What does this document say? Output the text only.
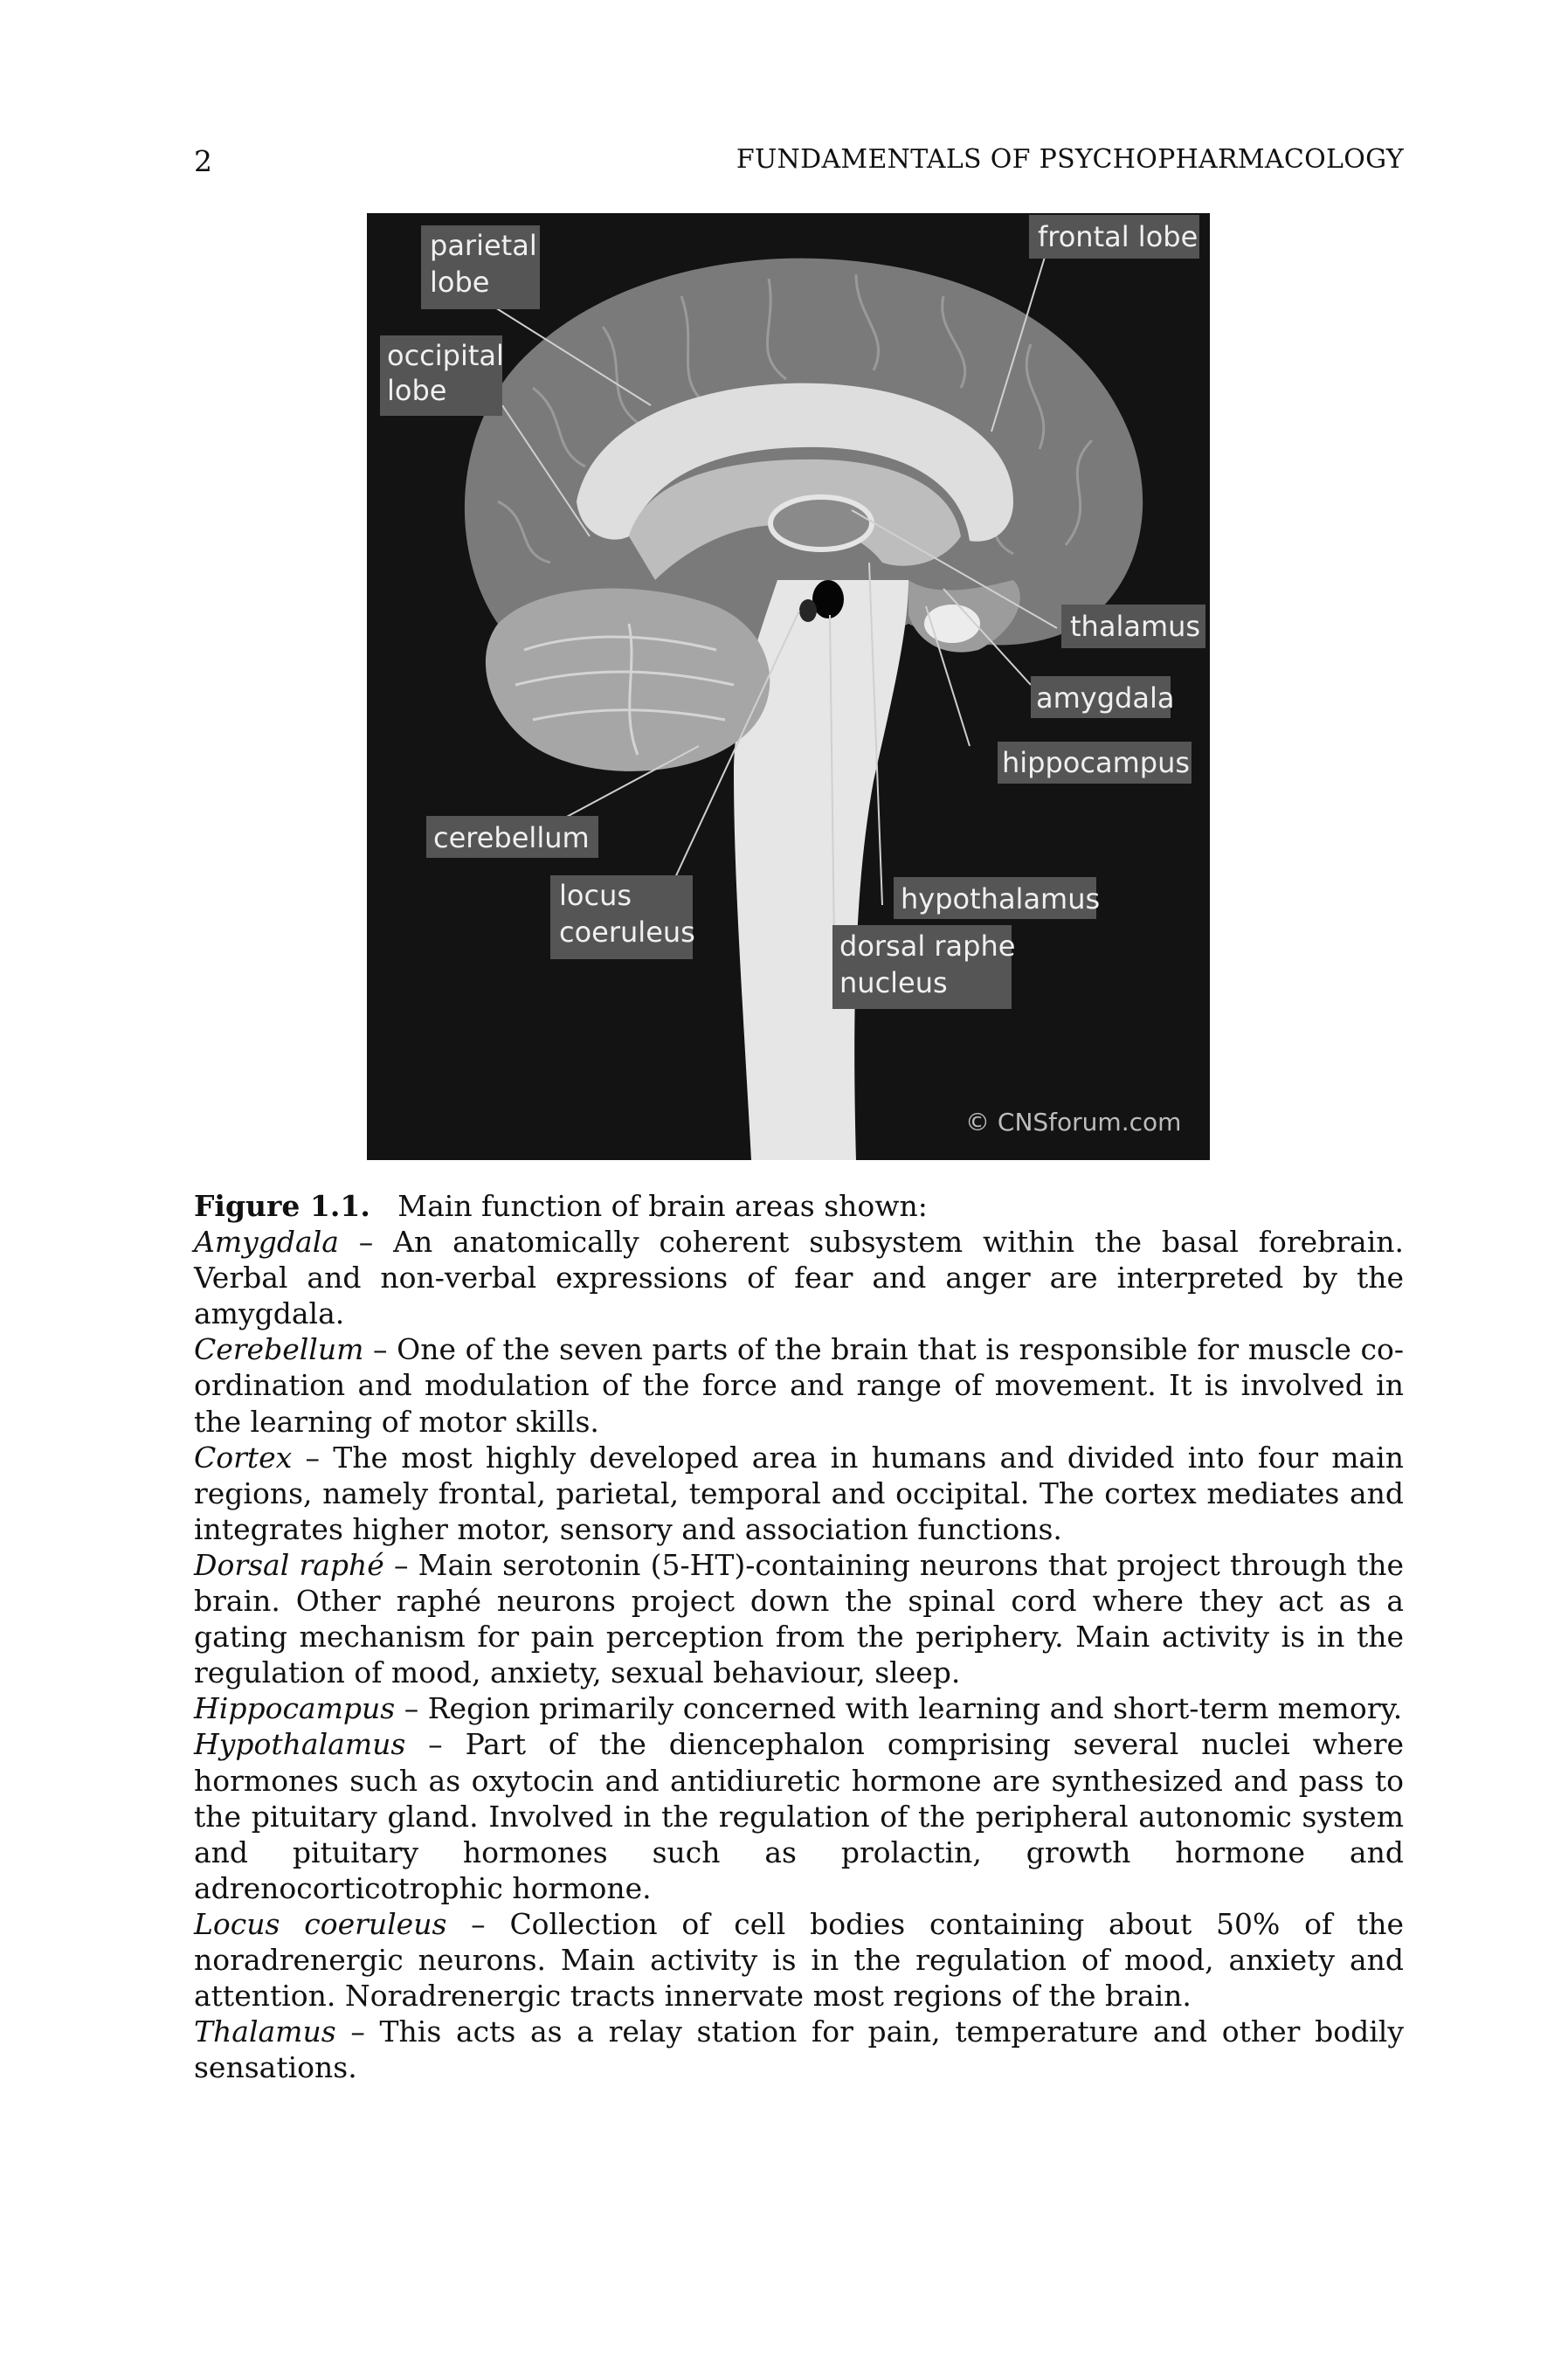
2	FUNDAMENTALS OF PSYCHOPHARMACOLOGY
parietal
lobe
occipital
lobe
frontal lobe
thalamus
amygdala
hippocampus
cerebellum
locus
coeruleus
hypothalamus
dorsal raphe
nucleus
© CNSforum.com

Figure 1.1. Main function of brain areas shown:

Amygdala – An anatomically coherent subsystem within the basal forebrain. Verbal and non-verbal expressions of fear and anger are interpreted by the amygdala.

Cerebellum – One of the seven parts of the brain that is responsible for muscle co-ordination and modulation of the force and range of movement. It is involved in the learning of motor skills.

Cortex – The most highly developed area in humans and divided into four main regions, namely frontal, parietal, temporal and occipital. The cortex mediates and integrates higher motor, sensory and association functions.

Dorsal raphé – Main serotonin (5-HT)-containing neurons that project through the brain. Other raphé neurons project down the spinal cord where they act as a gating mechanism for pain perception from the periphery. Main activity is in the regulation of mood, anxiety, sexual behaviour, sleep.

Hippocampus – Region primarily concerned with learning and short-term memory.

Hypothalamus – Part of the diencephalon comprising several nuclei where hormones such as oxytocin and antidiuretic hormone are synthesized and pass to the pituitary gland. Involved in the regulation of the peripheral autonomic system and pituitary hormones such as prolactin, growth hormone and adrenocorticotrophic hormone.

Locus coeruleus – Collection of cell bodies containing about 50% of the noradrenergic neurons. Main activity is in the regulation of mood, anxiety and attention. Noradrenergic tracts innervate most regions of the brain.

Thalamus – This acts as a relay station for pain, temperature and other bodily sensations.
